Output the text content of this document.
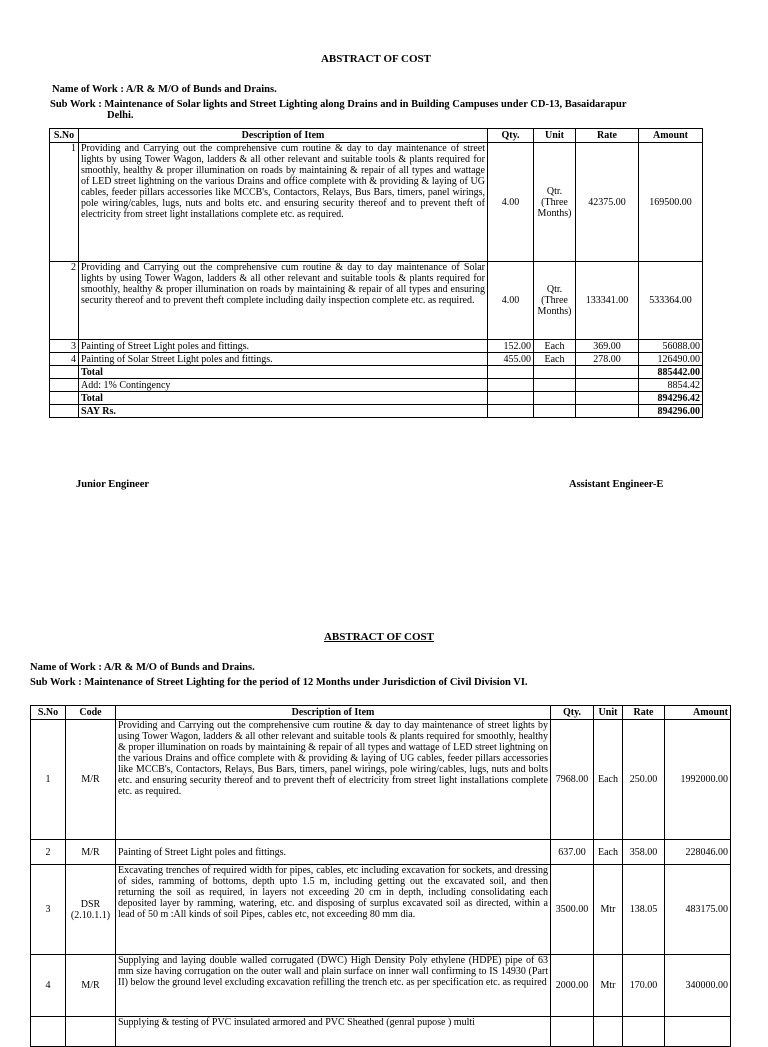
ABSTRACT OF COST
Name of Work : A/R & M/O of Bunds and Drains.
Sub Work : Maintenance of Solar lights and Street Lighting along Drains and in Building Campuses under CD-13, Basaidarapur
Delhi.
S.No	Description of Item	Qty.	Unit	Rate	Amount
1	Providing and Carrying out the comprehensive cum routine & day to day maintenance of street lights by using Tower Wagon, ladders & all other relevant and suitable tools & plants required for smoothly, healthy & proper illumination on roads by maintaining & repair of all types and wattage of LED street lightning on the various Drains and office complete with & providing & laying of UG cables, feeder pillars accessories like MCCB's, Contactors, Relays, Bus Bars, timers, panel wirings, pole wiring/cables, lugs, nuts and bolts etc. and ensuring security thereof and to prevent theft of electricity from street light installations complete etc. as required.	4.00	Qtr. (Three Months)	42375.00	169500.00
2	Providing and Carrying out the comprehensive cum routine & day to day maintenance of Solar lights by using Tower Wagon, ladders & all other relevant and suitable tools & plants required for smoothly, healthy & proper illumination on roads by maintaining & repair of all types and ensuring security thereof and to prevent theft complete including daily inspection complete etc. as required.	4.00	Qtr. (Three Months)	133341.00	533364.00
3	Painting of Street Light poles and fittings.	152.00	Each	369.00	56088.00
4	Painting of Solar Street Light poles and fittings.	455.00	Each	278.00	126490.00
	Total				885442.00
	Add: 1% Contingency				8854.42
	Total				894296.42
	SAY Rs.				894296.00
Junior Engineer	Assistant Engineer-E
ABSTRACT OF COST
Name of Work : A/R & M/O of Bunds and Drains.
Sub Work : Maintenance of Street Lighting for the period of 12 Months under Jurisdiction of Civil Division VI.
S.No	Code	Description of Item	Qty.	Unit	Rate	Amount
1	M/R	Providing and Carrying out the comprehensive cum routine & day to day maintenance of street lights by using Tower Wagon, ladders & all other relevant and suitable tools & plants required for smoothly, healthy & proper illumination on roads by maintaining & repair of all types and wattage of LED street lightning on the various Drains and office complete with & providing & laying of UG cables, feeder pillars accessories like MCCB's, Contactors, Relays, Bus Bars, timers, panel wirings, pole wiring/cables, lugs, nuts and bolts etc. and ensuring security thereof and to prevent theft of electricity from street light installations complete etc. as required.	7968.00	Each	250.00	1992000.00
2	M/R	Painting of Street Light poles and fittings.	637.00	Each	358.00	228046.00
3	DSR (2.10.1.1)	Excavating trenches of required width for pipes, cables, etc including excavation for sockets, and dressing of sides, ramming of bottoms, depth upto 1.5 m, including getting out the excavated soil, and then returning the soil as required, in layers not exceeding 20 cm in depth, including consolidating each deposited layer by ramming, watering, etc. and disposing of surplus excavated soil as directed, within a lead of 50 m :All kinds of soil Pipes, cables etc, not exceeding 80 mm dia.	3500.00	Mtr	138.05	483175.00
4	M/R	Supplying and laying double walled corrugated (DWC) High Density Poly ethylene (HDPE) pipe of 63 mm size having corrugation on the outer wall and plain surface on inner wall confirming to IS 14930 (Part II) below the ground level excluding excavation refilling the trench etc. as per specification etc. as required	2000.00	Mtr	170.00	340000.00
		Supplying & testing of PVC insulated armored and PVC Sheathed (genral pupose ) multi				
